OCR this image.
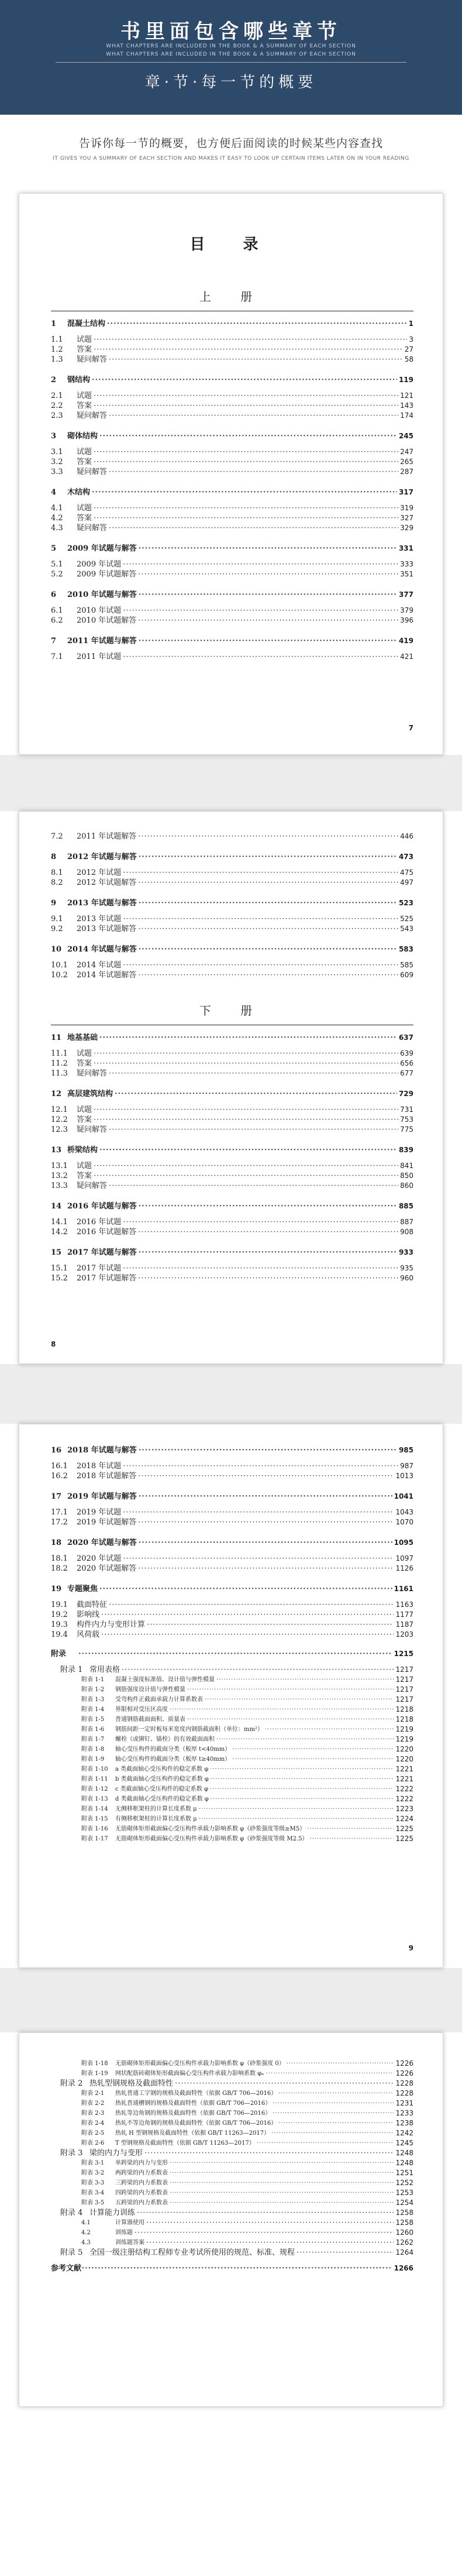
书里面包含哪些章节
WHAT CHAPTERS ARE INCLUDED IN THE BOOK & A SUMMARY OF EACH SECTION
WHAT CHAPTERS ARE INCLUDED IN THE BOOK & A SUMMARY OF EACH SECTION
章·节·每一节的概要
告诉你每一节的概要，也方便后面阅读的时候某些内容查找
IT GIVES YOU A SUMMARY OF EACH SECTION AND MAKES IT EASY TO LOOK UP CERTAIN ITEMS LATER ON IN YOUR READING
目 录
上 册
1	混凝土结构 ·····	1
1.1	试题 ·····	3
1.2	答案 ·····	27
1.3	疑问解答 ·····	58
2	钢结构 ·····	119
2.1	试题 ·····	121
2.2	答案 ·····	143
2.3	疑问解答 ·····	174
3	砌体结构 ·····	245
3.1	试题 ·····	247
3.2	答案 ·····	265
3.3	疑问解答 ·····	287
4	木结构 ·····	317
4.1	试题 ·····	319
4.2	答案 ·····	327
4.3	疑问解答 ·····	329
5	2009 年试题与解答 ·····	331
5.1	2009 年试题 ·····	333
5.2	2009 年试题解答 ·····	351
6	2010 年试题与解答 ·····	377
6.1	2010 年试题 ·····	379
6.2	2010 年试题解答 ·····	396
7	2011 年试题与解答 ·····	419
7.1	2011 年试题 ·····	421
7
7.2	2011 年试题解答 ·····	446
8	2012 年试题与解答 ·····	473
8.1	2012 年试题 ·····	475
8.2	2012 年试题解答 ·····	497
9	2013 年试题与解答 ·····	523
9.1	2013 年试题 ·····	525
9.2	2013 年试题解答 ·····	543
10 2014 年试题与解答 ·····	583
10.1	2014 年试题 ·····	585
10.2	2014 年试题解答 ·····	609
下 册
11 地基基础 ·····	637
11.1	试题 ·····	639
11.2	答案 ·····	656
11.3	疑问解答 ·····	677
12 高层建筑结构 ·····	729
12.1	试题 ·····	731
12.2	答案 ·····	753
12.3	疑问解答 ·····	775
13 桥梁结构 ·····	839
13.1	试题 ·····	841
13.2	答案 ·····	850
13.3	疑问解答 ·····	860
14 2016 年试题与解答 ·····	885
14.1	2016 年试题 ·····	887
14.2	2016 年试题解答 ·····	908
15 2017 年试题与解答 ·····	933
15.1	2017 年试题 ·····	935
15.2	2017 年试题解答 ·····	960
8
16 2018 年试题与解答 ·····	985
16.1	2018 年试题 ·····	987
16.2	2018 年试题解答 ·····	1013
17 2019 年试题与解答 ·····	1041
17.1	2019 年试题 ·····	1043
17.2	2019 年试题解答 ·····	1070
18 2020 年试题与解答 ·····	1095
18.1	2020 年试题 ·····	1097
18.2	2020 年试题解答 ·····	1126
19 专题聚焦 ·····	1161
19.1	截面特征 ·····	1163
19.2	影响线 ·····	1177
19.3	构件内力与变形计算 ·····	1187
19.4	风荷载 ·····	1203
附录 ·····	1215
附录 1 常用表格 ·····	1217
附表 1-1	混凝土强度标准值、设计值与弹性模量 ·····	1217
附表 1-2	钢筋强度设计值与弹性模量 ·····	1217
附表 1-3	受弯构件正截面承载力计算系数表 ·····	1217
附表 1-4	界限相对受压区高度 ·····	1218
附表 1-5	普通钢筋截面面积、质量表 ·····	1218
附表 1-6	钢筋间距一定时板每米宽度内钢筋截面积（单位：mm²） ·····	1219
附表 1-7	螺栓（或铆钉、锚栓）的有效截面面积 ·····	1219
附表 1-8	轴心受压构件的截面分类（板厚 t<40mm） ·····	1220
附表 1-9	轴心受压构件的截面分类（板厚 t≥40mm） ·····	1220
附表 1-10	a 类截面轴心受压构件的稳定系数 φ ·····	1221
附表 1-11	b 类截面轴心受压构件的稳定系数 φ ·····	1221
附表 1-12	c 类截面轴心受压构件的稳定系数 φ ·····	1222
附表 1-13	d 类截面轴心受压构件的稳定系数 φ ·····	1222
附表 1-14	无侧移框架柱的计算长度系数 μ ·····	1223
附表 1-15	有侧移框架柱的计算长度系数 μ ·····	1224
附表 1-16	无筋砌体矩形截面偏心受压构件承载力影响系数 φ（砂浆强度等级≥M5） ·····	1225
附表 1-17	无筋砌体矩形截面偏心受压构件承载力影响系数 φ（砂浆强度等级 M2.5） ·····	1225
9
附表 1-18	无筋砌体矩形截面偏心受压构件承载力影响系数 φ（砂浆强度 0） ·····	1226
附表 1-19	网状配筋砖砌体矩形截面偏心受压构件承载力影响系数 φₙ ·····	1226
附录 2 热轧型钢规格及截面特性 ·····	1228
附表 2-1	热轧普通工字钢的规格及截面特性（依据 GB/T 706—2016） ·····	1228
附表 2-2	热轧普通槽钢的规格及截面特性（依据 GB/T 706—2016） ·····	1231
附表 2-3	热轧等边角钢的规格及截面特性（依据 GB/T 706—2016） ·····	1233
附表 2-4	热轧不等边角钢的规格及截面特性（依据 GB/T 706—2016） ·····	1238
附表 2-5	热轧 H 型钢规格及截面特性（依据 GB/T 11263—2017） ·····	1242
附表 2-6	T 型钢规格及截面特性（依据 GB/T 11263—2017） ·····	1245
附录 3 梁的内力与变形 ·····	1248
附表 3-1	单跨梁的内力与变形 ·····	1248
附表 3-2	两跨梁的内力系数表 ·····	1251
附表 3-3	三跨梁的内力系数表 ·····	1252
附表 3-4	四跨梁的内力系数表 ·····	1253
附表 3-5	五跨梁的内力系数表 ·····	1254
附录 4 计算能力训练 ·····	1258
4.1	计算器使用 ·····	1258
4.2	训练题 ·····	1260
4.3	训练题答案 ·····	1262
附录 5 全国一级注册结构工程师专业考试所使用的规范、标准、规程 ·····	1264
参考文献 ·····	1266
